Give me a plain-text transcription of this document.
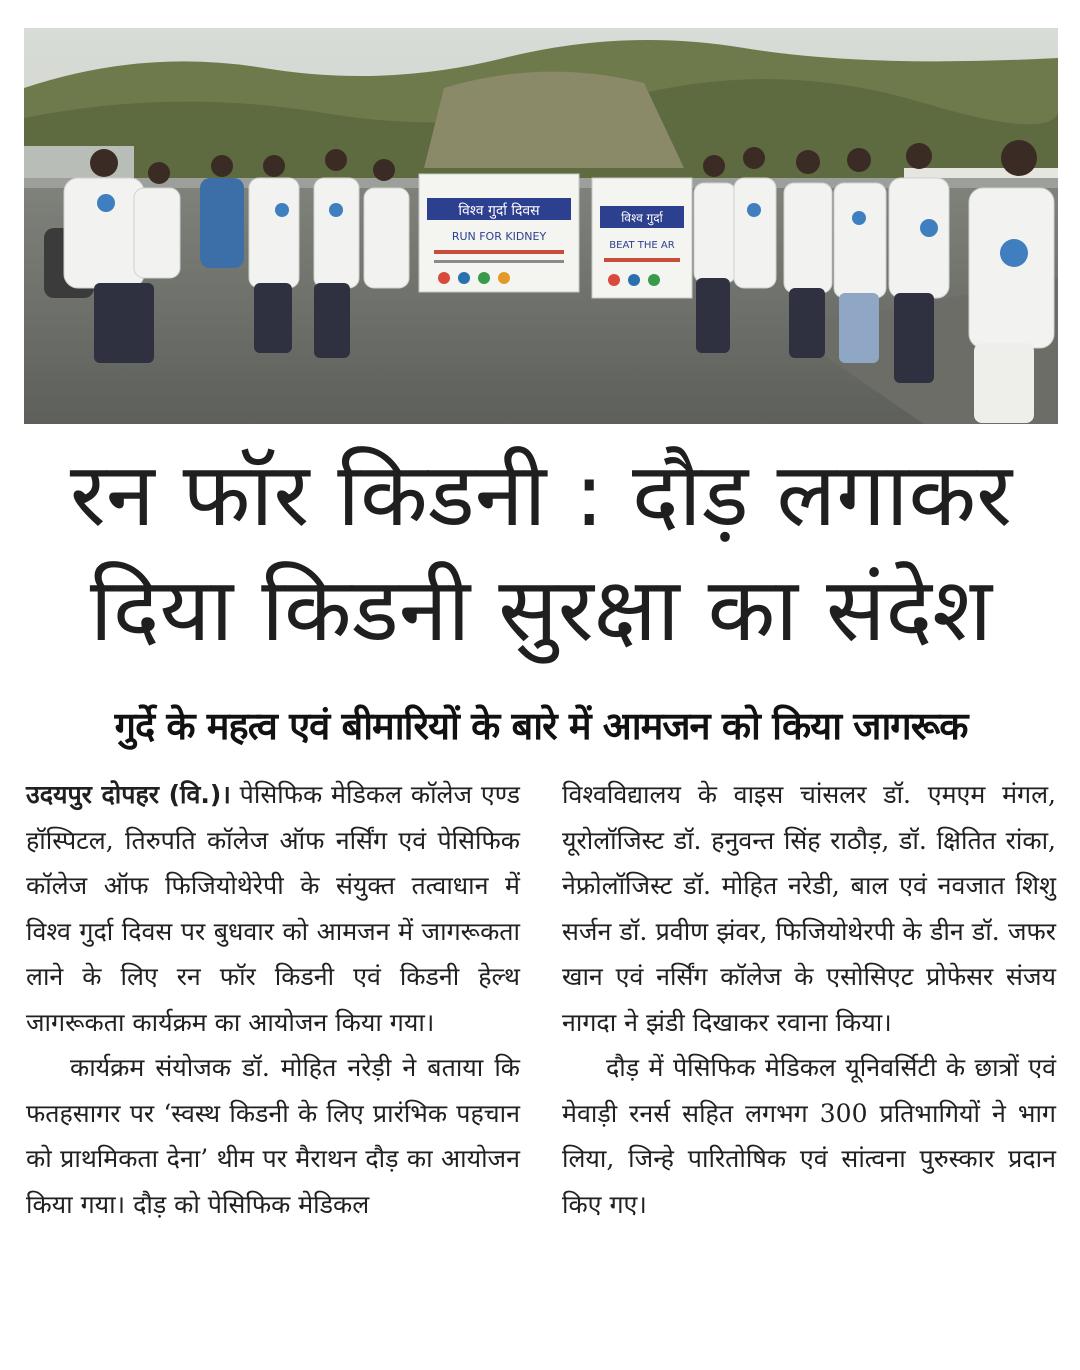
विश्व गुर्दा दिवस
RUN FOR KIDNEY
विश्व गुर्दा
BEAT THE AR
रन फॉर किडनी : दौड़ लगाकर
दिया किडनी सुरक्षा का संदेश
गुर्दे के महत्व एवं बीमारियों के बारे में आमजन को किया जागरूक

उदयपुर दोपहर (वि.)। पेसिफिक मेडिकल कॉलेज एण्ड हॉस्पिटल, तिरुपति कॉलेज ऑफ नर्सिंग एवं पेसिफिक कॉलेज ऑफ फिजियोथेरेपी के संयुक्त तत्वाधान में विश्व गुर्दा दिवस पर बुधवार को आमजन में जागरूकता लाने के लिए रन फॉर किडनी एवं किडनी हेल्थ जागरूकता कार्यक्रम का आयोजन किया गया।

कार्यक्रम संयोजक डॉ. मोहित नरेड़ी ने बताया कि फतहसागर पर ‘स्वस्थ किडनी के लिए प्रारंभिक पहचान को प्राथमिकता देना’ थीम पर मैराथन दौड़ का आयोजन किया गया। दौड़ को पेसिफिक मेडिकल

विश्वविद्यालय के वाइस चांसलर डॉ. एमएम मंगल, यूरोलॉजिस्ट डॉ. हनुवन्त सिंह राठौड़, डॉ. क्षितित रांका, नेफ्रोलॉजिस्ट डॉ. मोहित नरेडी, बाल एवं नवजात शिशु सर्जन डॉ. प्रवीण झंवर, फिजियोथेरपी के डीन डॉ. जफर खान एवं नर्सिंग कॉलेज के एसोसिएट प्रोफेसर संजय नागदा ने झंडी दिखाकर रवाना किया।

दौड़ में पेसिफिक मेडिकल यूनिवर्सिटी के छात्रों एवं मेवाड़ी रनर्स सहित लगभग 300 प्रतिभागियों ने भाग लिया, जिन्हे पारितोषिक एवं सांत्वना पुरुस्कार प्रदान किए गए।
